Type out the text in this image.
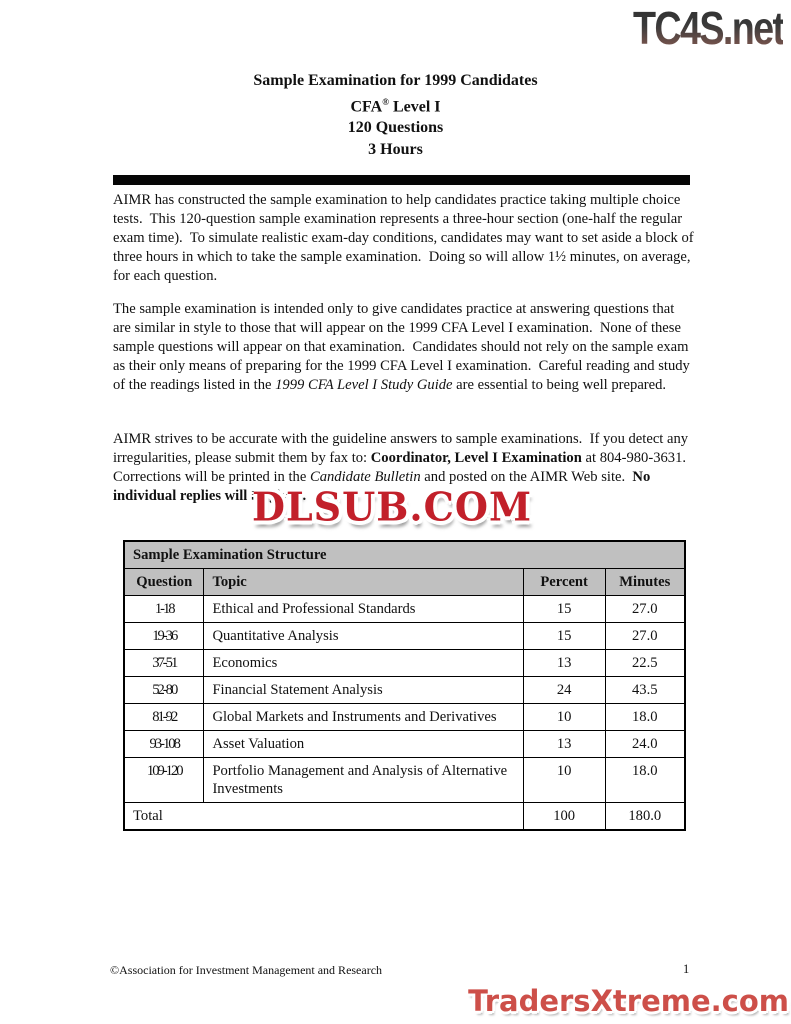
TC4S.net
Sample Examination for 1999 Candidates
CFA® Level I
120 Questions
3 Hours
AIMR has constructed the sample examination to help candidates practice taking multiple choice tests.  This 120-question sample examination represents a three-hour section (one-half the regular exam time).  To simulate realistic exam-day conditions, candidates may want to set aside a block of three hours in which to take the sample examination.  Doing so will allow 1½ minutes, on average, for each question.
The sample examination is intended only to give candidates practice at answering questions that are similar in style to those that will appear on the 1999 CFA Level I examination.  None of these sample questions will appear on that examination.  Candidates should not rely on the sample exam as their only means of preparing for the 1999 CFA Level I examination.  Careful reading and study of the readings listed in the 1999 CFA Level I Study Guide are essential to being well prepared.
AIMR strives to be accurate with the guideline answers to sample examinations.  If you detect any irregularities, please submit them by fax to: Coordinator, Level I Examination at 804-980-3631.  Corrections will be printed in the Candidate Bulletin and posted on the AIMR Web site.  No individual replies will be given.
DLSUB.COM
Sample Examination Structure			
Question	Topic	Percent	Minutes
1-18	Ethical and Professional Standards	15	27.0
19-36	Quantitative Analysis	15	27.0
37-51	Economics	13	22.5
52-80	Financial Statement Analysis	24	43.5
81-92	Global Markets and Instruments and Derivatives	10	18.0
93-108	Asset Valuation	13	24.0
109-120	Portfolio Management and Analysis of Alternative Investments	10	18.0
Total		100	180.0
©Association for Investment Management and Research	1
TradersXtreme.com
